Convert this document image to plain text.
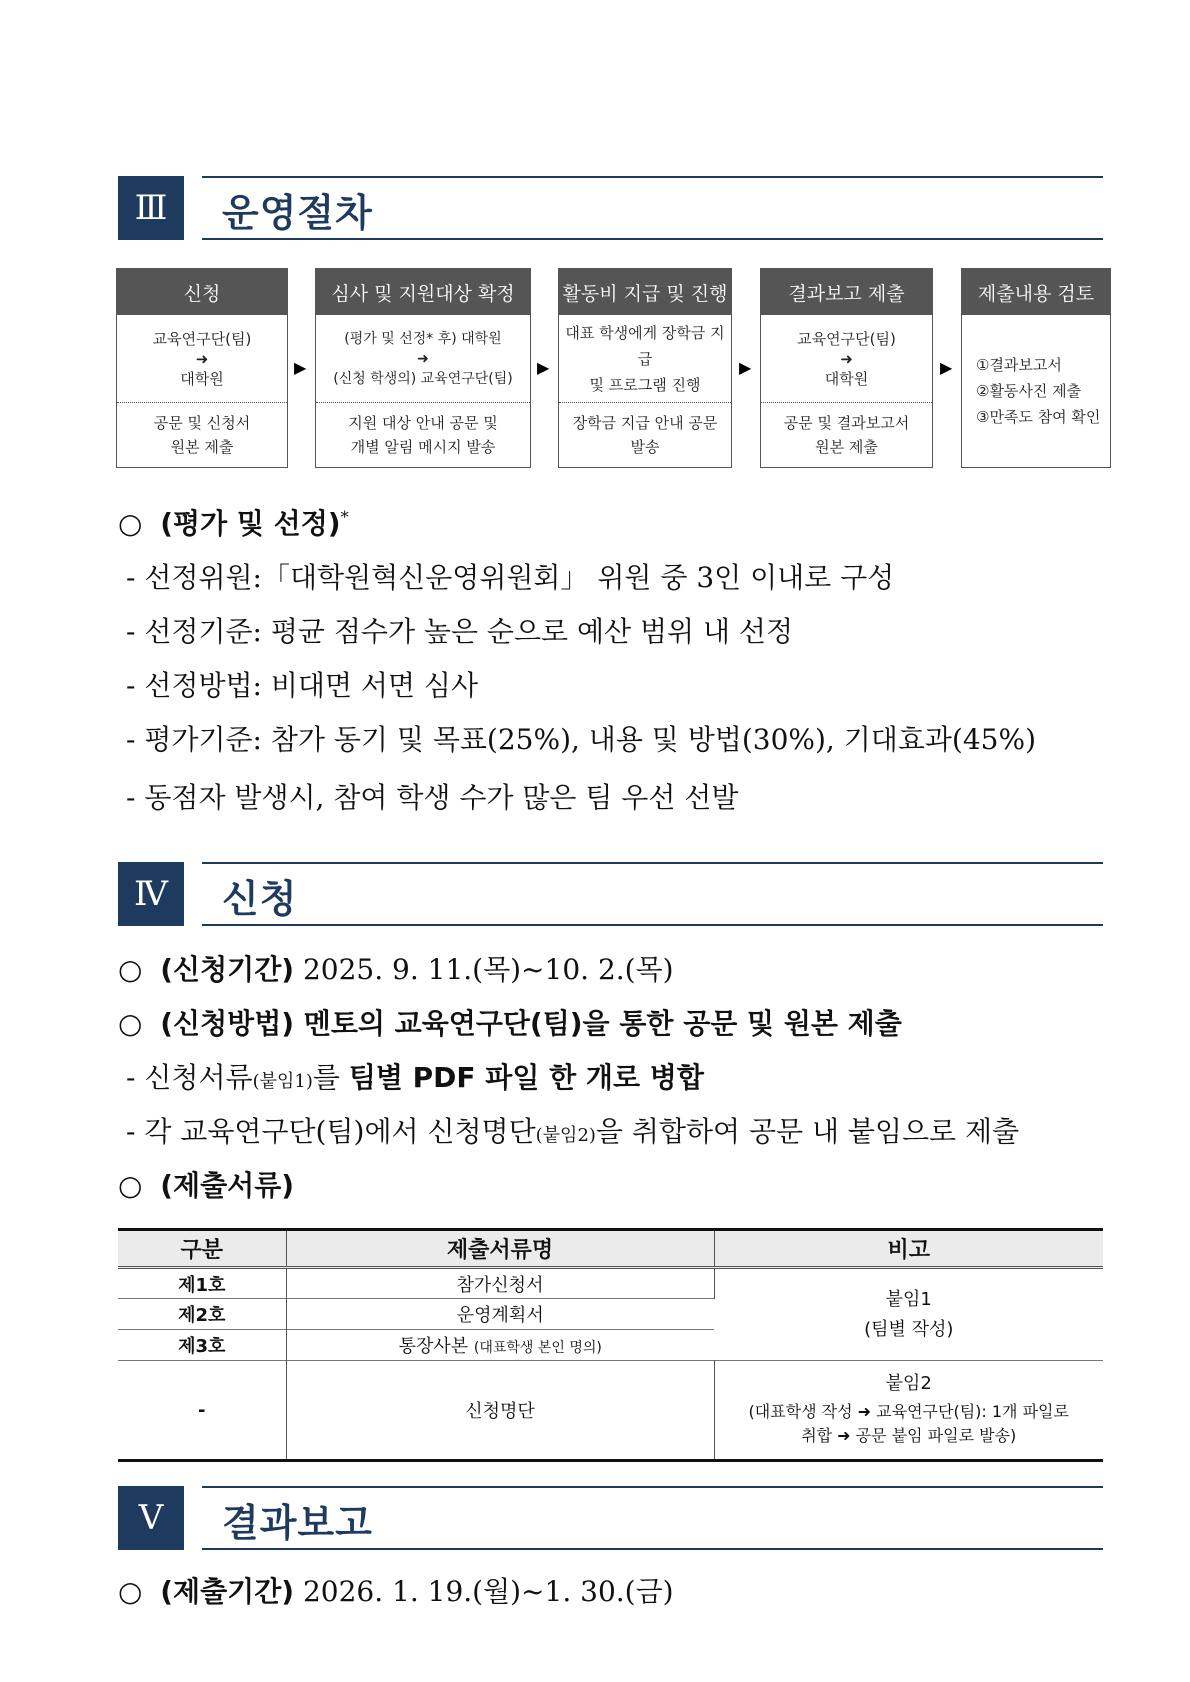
Ⅲ	운영절차
신청
교육연구단(팀)
➜
대학원
공문 및 신청서
원본 제출
▶
심사 및 지원대상 확정
(평가 및 선정* 후) 대학원
➜
(신청 학생의) 교육연구단(팀)
지원 대상 안내 공문 및
개별 알림 메시지 발송
▶
활동비 지급 및 진행
대표 학생에게 장학금 지급
및 프로그램 진행
장학금 지급 안내 공문
발송
▶
결과보고 제출
교육연구단(팀)
➜
대학원
공문 및 결과보고서
원본 제출
▶
제출내용 검토
①결과보고서
②활동사진 제출
③만족도 참여 확인
○ (평가 및 선정)*
- 선정위원:「대학원혁신운영위원회」 위원 중 3인 이내로 구성
- 선정기준: 평균 점수가 높은 순으로 예산 범위 내 선정
- 선정방법: 비대면 서면 심사
- 평가기준: 참가 동기 및 목표(25%), 내용 및 방법(30%), 기대효과(45%)
- 동점자 발생시, 참여 학생 수가 많은 팀 우선 선발
Ⅳ	신청
○ (신청기간) 2025. 9. 11.(목)~10. 2.(목)
○ (신청방법) 멘토의 교육연구단(팀)을 통한 공문 및 원본 제출
- 신청서류(붙임1)를 팀별 PDF 파일 한 개로 병합
- 각 교육연구단(팀)에서 신청명단(붙임2)을 취합하여 공문 내 붙임으로 제출
○ (제출서류)
구분	제출서류명	비고
제1호	참가신청서	붙임1
(팀별 작성)

제2호	운영계획서	
제3호	통장사본 (대표학생 본인 명의)	
-	신청명단	붙임2
(대표학생 작성 ➜ 교육연구단(팀): 1개 파일로
취합 ➜ 공문 붙임 파일로 발송)
Ⅴ	결과보고
○ (제출기간) 2026. 1. 19.(월)~1. 30.(금)
